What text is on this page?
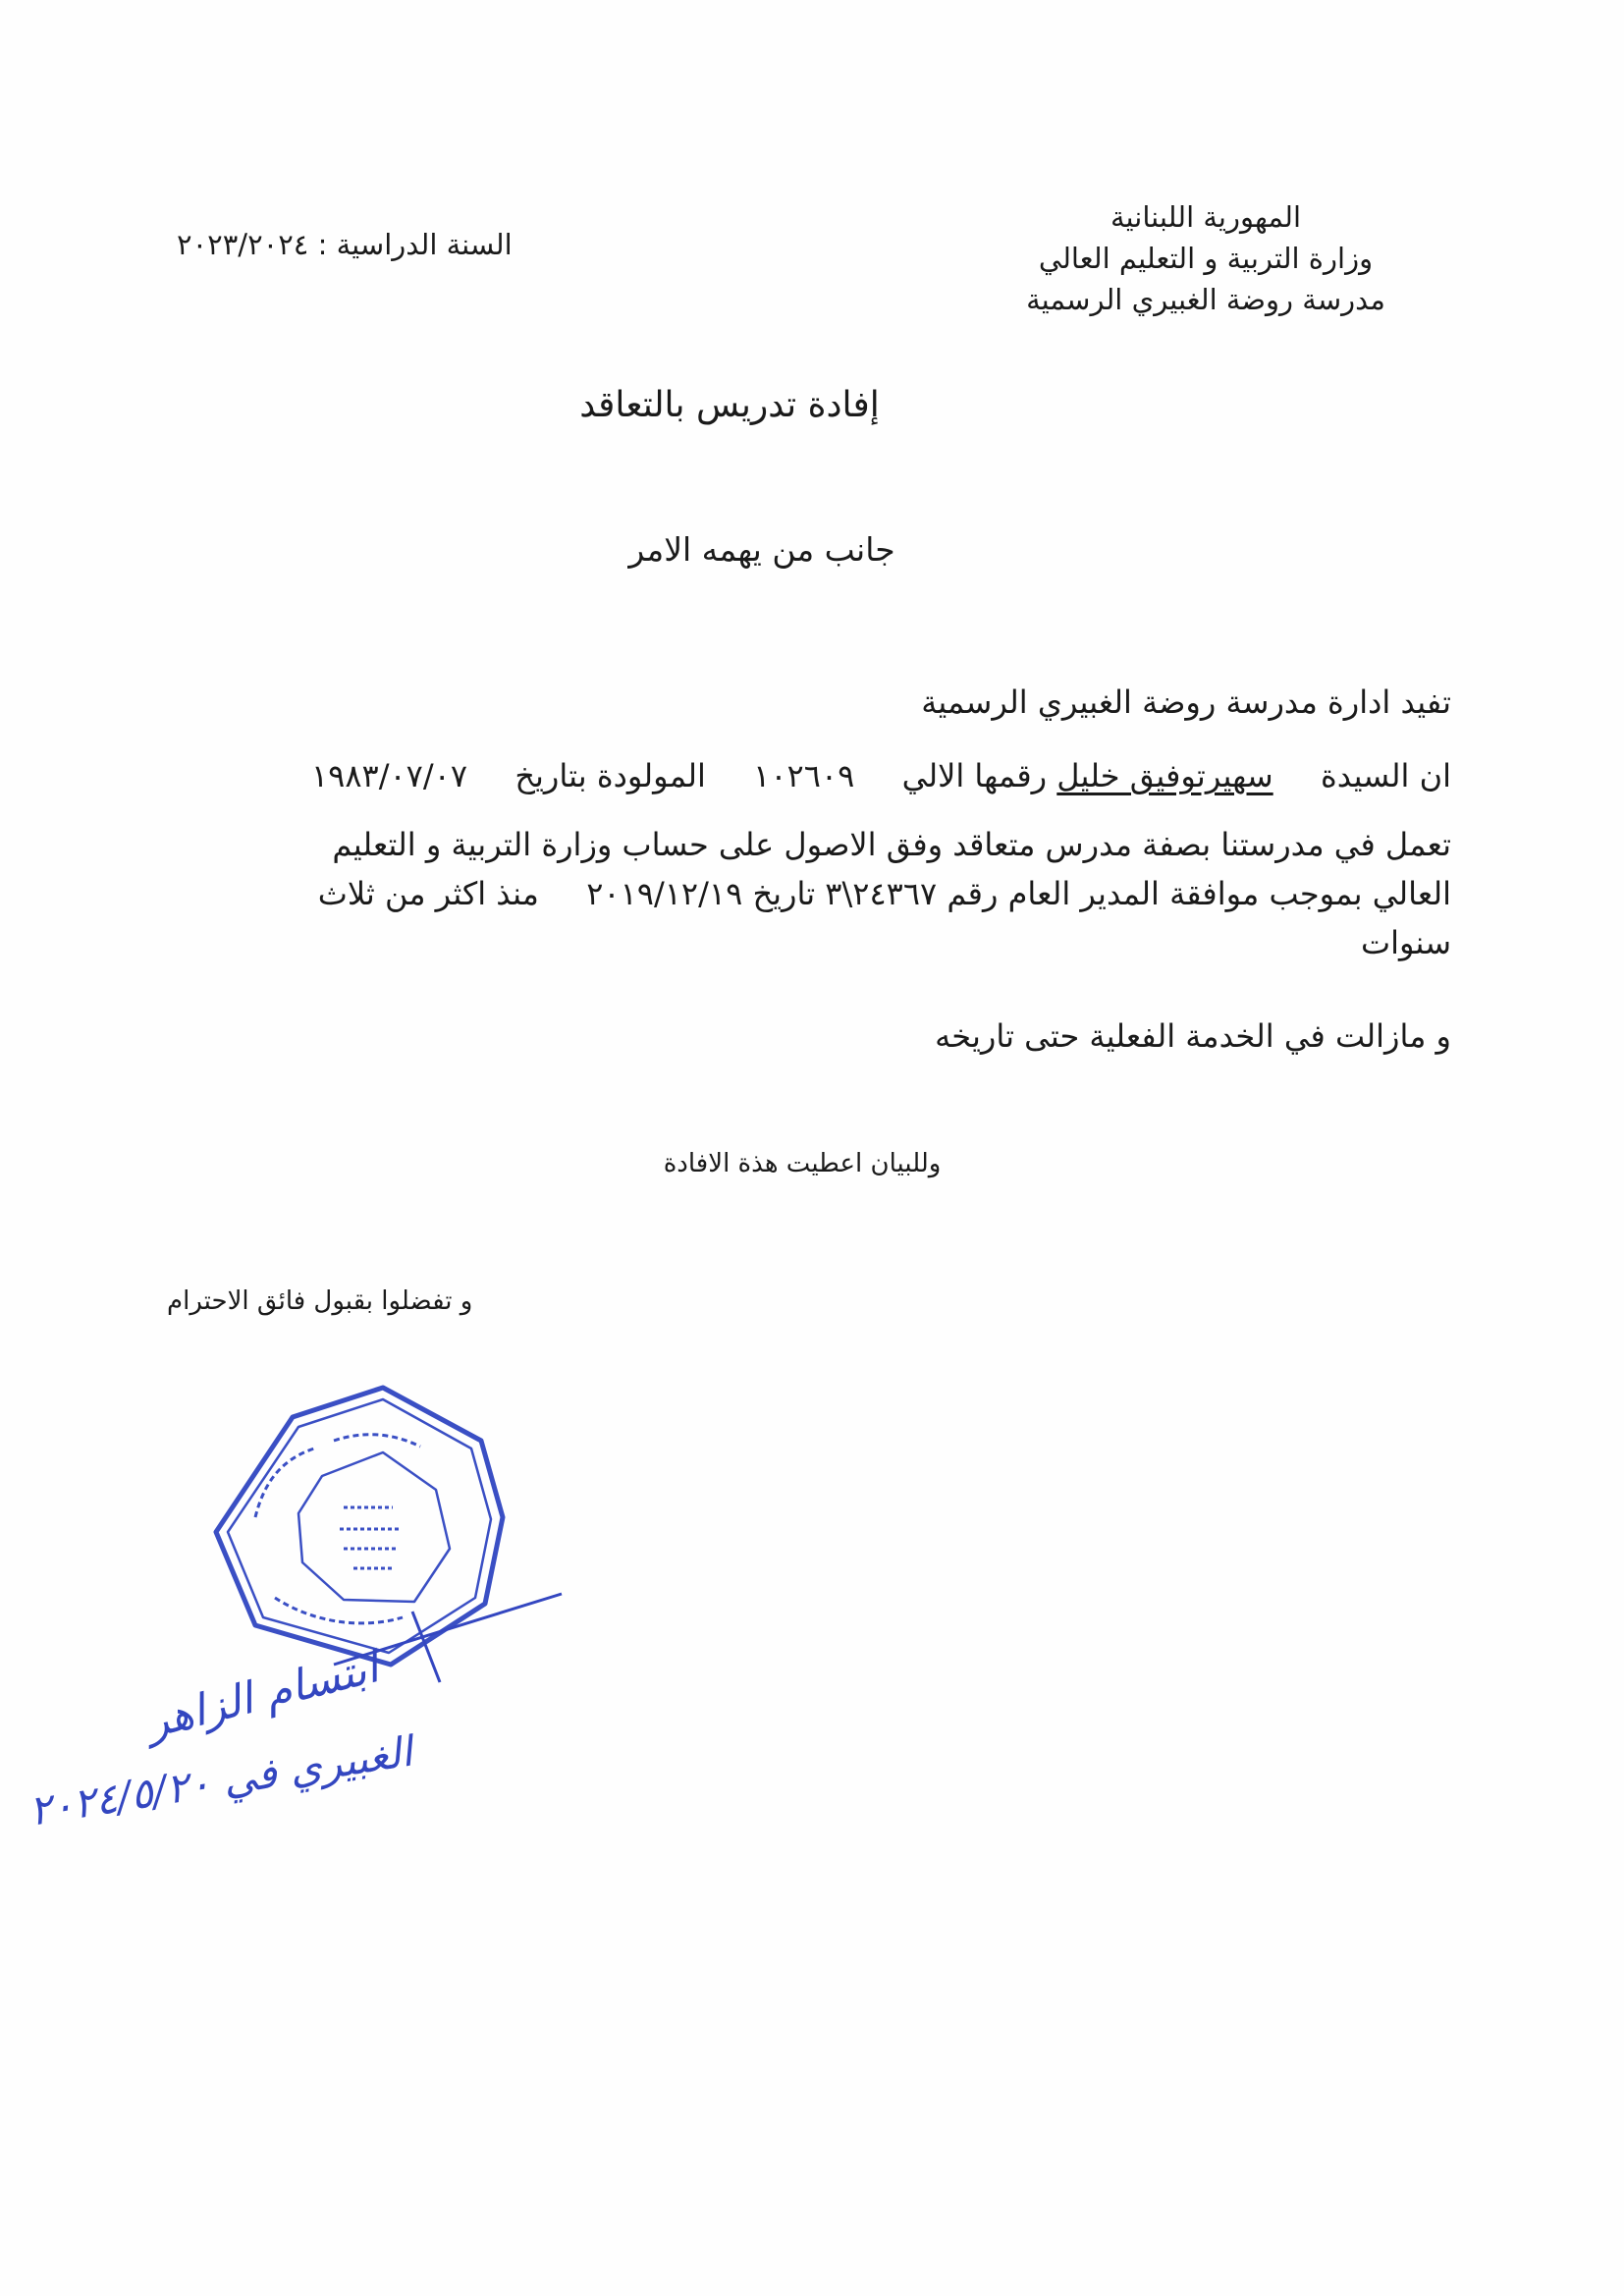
المهورية اللبنانية
وزارة التربية و التعليم العالي
مدرسة روضة الغبيري الرسمية
السنة الدراسية : ٢٠٢٣/٢٠٢٤
إفادة تدريس بالتعاقد
جانب من يهمه الامر
تفيد ادارة مدرسة روضة الغبيري الرسمية
ان السيدة  سهيرتوفيق خليل رقمها الالي  ١٠٢٦٠٩  المولودة بتاريخ  ١٩٨٣/٠٧/٠٧
تعمل في مدرستنا بصفة مدرس متعاقد وفق الاصول على حساب وزارة التربية و التعليم
العالي بموجب موافقة المدير العام رقم ٢٤٣٦٧\٣ تاريخ ٢٠١٩/١٢/١٩  منذ اكثر من ثلاث
سنوات
و مازالت في الخدمة الفعلية حتى تاريخه
وللبيان اعطيت هذة الافادة
و تفضلوا بقبول فائق الاحترام
ابتسام الزاهر
الغبيري في ٢٠٢٤/٥/٢٠
